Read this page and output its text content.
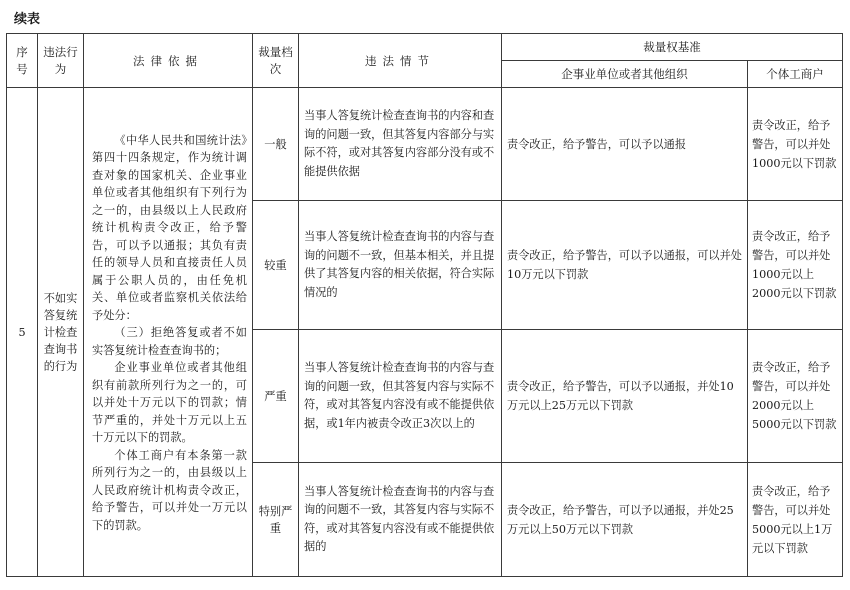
续表
序号	违法行为	法律依据	裁量档次	违法情节	裁量权基准	
					企事业单位或者其他组织	个体工商户
5	不如实答复统计检查查询书的行为	《中华人民共和国统计法》第四十四条规定，作为统计调查对象的国家机关、企业事业单位或者其他组织有下列行为之一的，由县级以上人民政府统计机构责令改正，给予警告，可以予以通报；其负有责任的领导人员和直接责任人员属于公职人员的，由任免机关、单位或者监察机关依法给予处分：

（三）拒绝答复或者不如实答复统计检查查询书的；

企业事业单位或者其他组织有前款所列行为之一的，可以并处十万元以下的罚款；情节严重的，并处十万元以上五十万元以下的罚款。

个体工商户有本条第一款所列行为之一的，由县级以上人民政府统计机构责令改正，给予警告，可以并处一万元以下的罚款。	一般	当事人答复统计检查查询书的内容和查询的问题一致，但其答复内容部分与实际不符，或对其答复内容部分没有或不能提供依据	责令改正，给予警告，可以予以通报	责令改正，给予警告，可以并处1000元以下罚款
			较重	当事人答复统计检查查询书的内容与查询的问题不一致，但基本相关，并且提供了其答复内容的相关依据，符合实际情况的	责令改正，给予警告，可以予以通报，可以并处10万元以下罚款	责令改正，给予警告，可以并处1000元以上2000元以下罚款
			严重	当事人答复统计检查查询书的内容与查询的问题一致，但其答复内容与实际不符，或对其答复内容没有或不能提供依据，或1年内被责令改正3次以上的	责令改正，给予警告，可以予以通报，并处10万元以上25万元以下罚款	责令改正，给予警告，可以并处2000元以上5000元以下罚款
			特别严重	当事人答复统计检查查询书的内容与查询的问题不一致，其答复内容与实际不符，或对其答复内容没有或不能提供依据的	责令改正，给予警告，可以予以通报，并处25万元以上50万元以下罚款	责令改正，给予警告，可以并处5000元以上1万元以下罚款
